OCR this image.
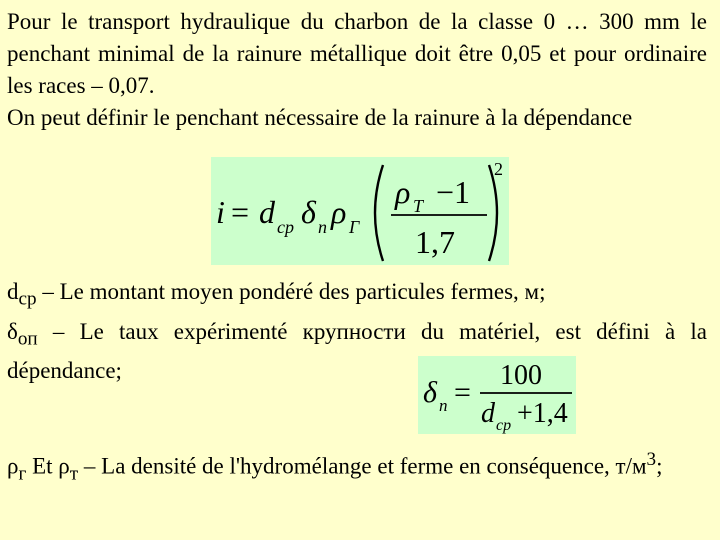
Pour le transport hydraulique du charbon de la classe 0 … 300 mm le penchant minimal de la rainure métallique doit être 0,05 et pour ordinaire les races – 0,07.
On peut définir le penchant nécessaire de la rainure à la dépendance

i = d ср δ п ρ Г
ρ Т −1
1,7
2

$d_{ср}$ – Le montant moyen pondéré des particules fermes, м;
$\delta_{оп}$ – Le taux expérimenté крупности du matériel, est défini à la dépendance;

δ п =
100
d ср +1,4

$\rho_г$ Et $\rho_т$ – La densité de l'hydromélange et ferme en conséquence, $т/м^3$;
